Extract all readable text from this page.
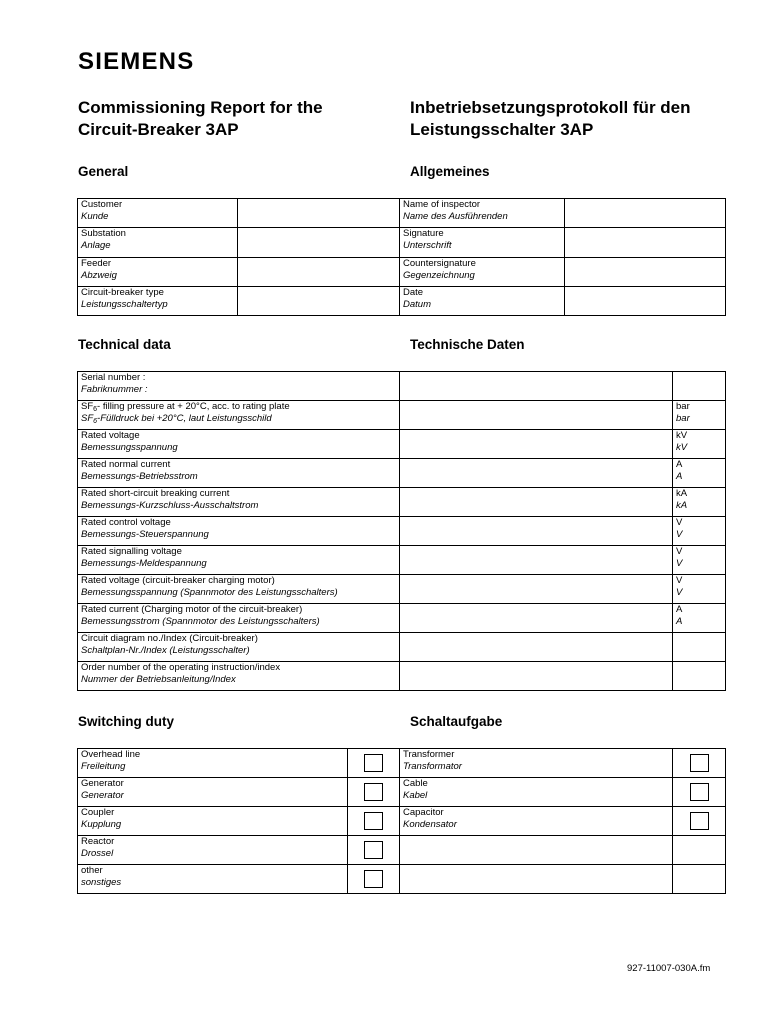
SIEMENS
Commissioning Report for the
Circuit-Breaker 3AP
Inbetriebsetzungsprotokoll für den
Leistungsschalter 3AP
General	Allgemeines
Customer
Kunde		Name of inspector
Name des Ausführenden	

Substation
Anlage		Signature
Unterschrift	

Feeder
Abzweig		Countersignature
Gegenzeichnung	

Circuit-breaker type
Leistungsschaltertyp		Date
Datum	

Technical data	Technische Daten
Serial number :
Fabriknummer :		

$SF_6-$ filling pressure at + 20°C, acc. to rating plate
$SF_6$-Fülldruck bei +20°C, laut Leistungsschild		bar
bar

Rated voltage
Bemessungsspannung		kV
kV

Rated normal current
Bemessungs-Betriebsstrom		A
A

Rated short-circuit breaking current
Bemessungs-Kurzschluss-Ausschaltstrom		kA
kA

Rated control voltage
Bemessungs-Steuerspannung		V
V

Rated signalling voltage
Bemessungs-Meldespannung		V
V

Rated voltage (circuit-breaker charging motor)
Bemessungsspannung (Spannmotor des Leistungsschalters)		V
V

Rated current (Charging motor of the circuit-breaker)
Bemessungsstrom (Spannmotor des Leistungsschalters)		A
A

Circuit diagram no./Index (Circuit-breaker)
Schaltplan-Nr./Index (Leistungsschalter)		

Order number of the operating instruction/index
Nummer der Betriebsanleitung/Index		

Switching duty	Schaltaufgabe
Overhead line
Freileitung		Transformer
Transformator	

Generator
Generator		Cable
Kabel	

Coupler
Kupplung		Capacitor
Kondensator	

Reactor
Drossel			

other
sonstiges			

927-11007-030A.fm
